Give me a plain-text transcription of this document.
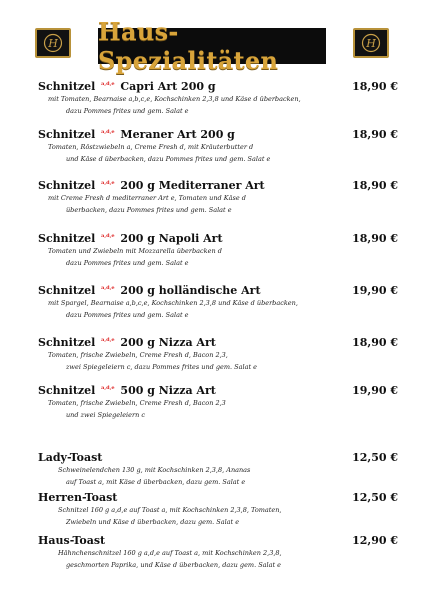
H Haus-Spezialitäten
H
Schnitzel $^{a,d,e}$ Capri Art 200 g	18,90 €
mit Tomaten, Bearnaise a,b,c,e, Kochschinken 2,3,8 und Käse d überbacken,
dazu Pommes frites und gem. Salat e
Schnitzel $^{a,d,e}$ Meraner Art 200 g	18,90 €
Tomaten, Röstzwiebeln a, Creme Fresh d, mit Kräuterbutter d
und Käse d überbacken, dazu Pommes frites und gem. Salat e
Schnitzel $^{a,d,e}$ 200 g Mediterraner Art	18,90 €
mit Creme Fresh d mediterraner Art e, Tomaten und Käse d
überbacken, dazu Pommes frites und gem. Salat e
Schnitzel $^{a,d,e}$ 200 g Napoli Art	18,90 €
Tomaten und Zwiebeln mit Mozzarella überbacken d
dazu Pommes frites und gem. Salat e
Schnitzel $^{a,d,e}$ 200 g holländische Art	19,90 €
mit Spargel, Bearnaise a,b,c,e, Kochschinken 2,3,8 und Käse d überbacken,
dazu Pommes frites und gem. Salat e
Schnitzel $^{a,d,e}$ 200 g Nizza Art	18,90 €
Tomaten, frische Zwiebeln, Creme Fresh d, Bacon 2,3,
zwei Spiegeleiern c, dazu Pommes frites und gem. Salat e
Schnitzel $^{a,d,e}$ 500 g Nizza Art	19,90 €
Tomaten, frische Zwiebeln, Creme Fresh d, Bacon 2,3
und zwei Spiegeleiern c
Lady-Toast	12,50 €
Schweinelendchen 130 g, mit Kochschinken 2,3,8, Ananas
auf Toast a, mit Käse d überbacken, dazu gem. Salat e
Herren-Toast	12,50 €
Schnitzel 160 g a,d,e auf Toast a, mit Kochschinken 2,3,8, Tomaten,
Zwiebeln und Käse d überbacken, dazu gem. Salat e
Haus-Toast	12,90 €
Hähnchenschnitzel 160 g a,d,e auf Toast a, mit Kochschinken 2,3,8,
geschmorten Paprika, und Käse d überbacken, dazu gem. Salat e
